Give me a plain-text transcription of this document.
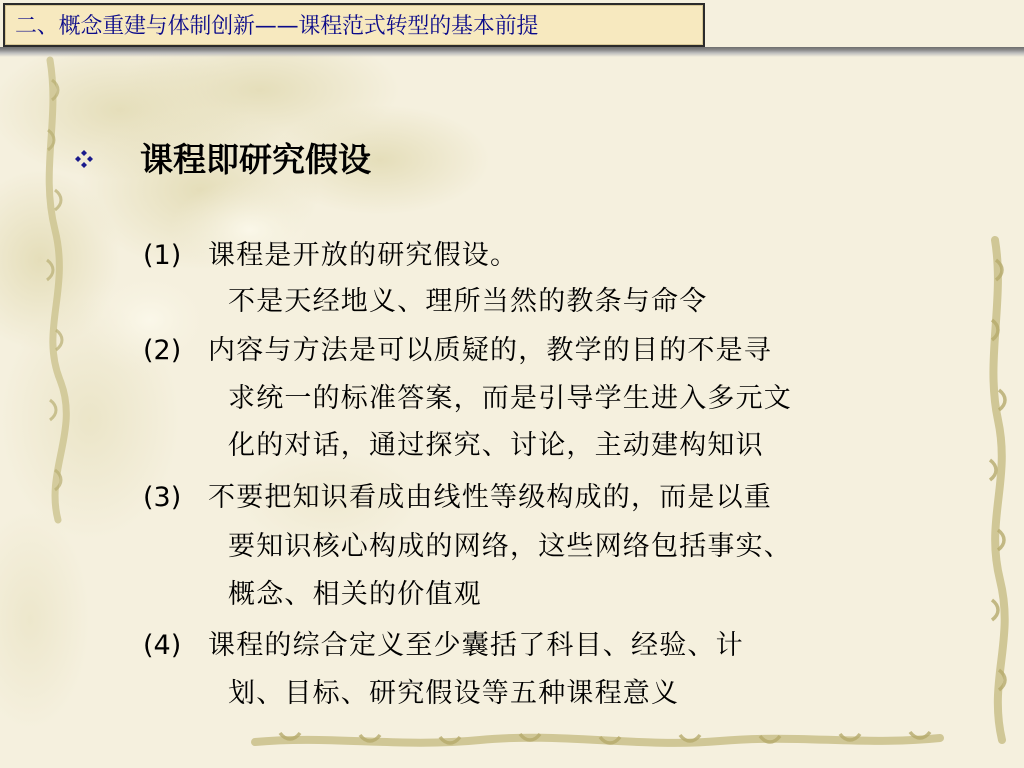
二、概念重建与体制创新——课程范式转型的基本前提
课程即研究假设
(1) 课程是开放的研究假设。
不是天经地义、理所当然的教条与命令
(2) 内容与方法是可以质疑的，教学的目的不是寻
求统一的标准答案，而是引导学生进入多元文
化的对话，通过探究、讨论，主动建构知识
(3) 不要把知识看成由线性等级构成的，而是以重
要知识核心构成的网络，这些网络包括事实、
概念、相关的价值观
(4) 课程的综合定义至少囊括了科目、经验、计
划、目标、研究假设等五种课程意义
